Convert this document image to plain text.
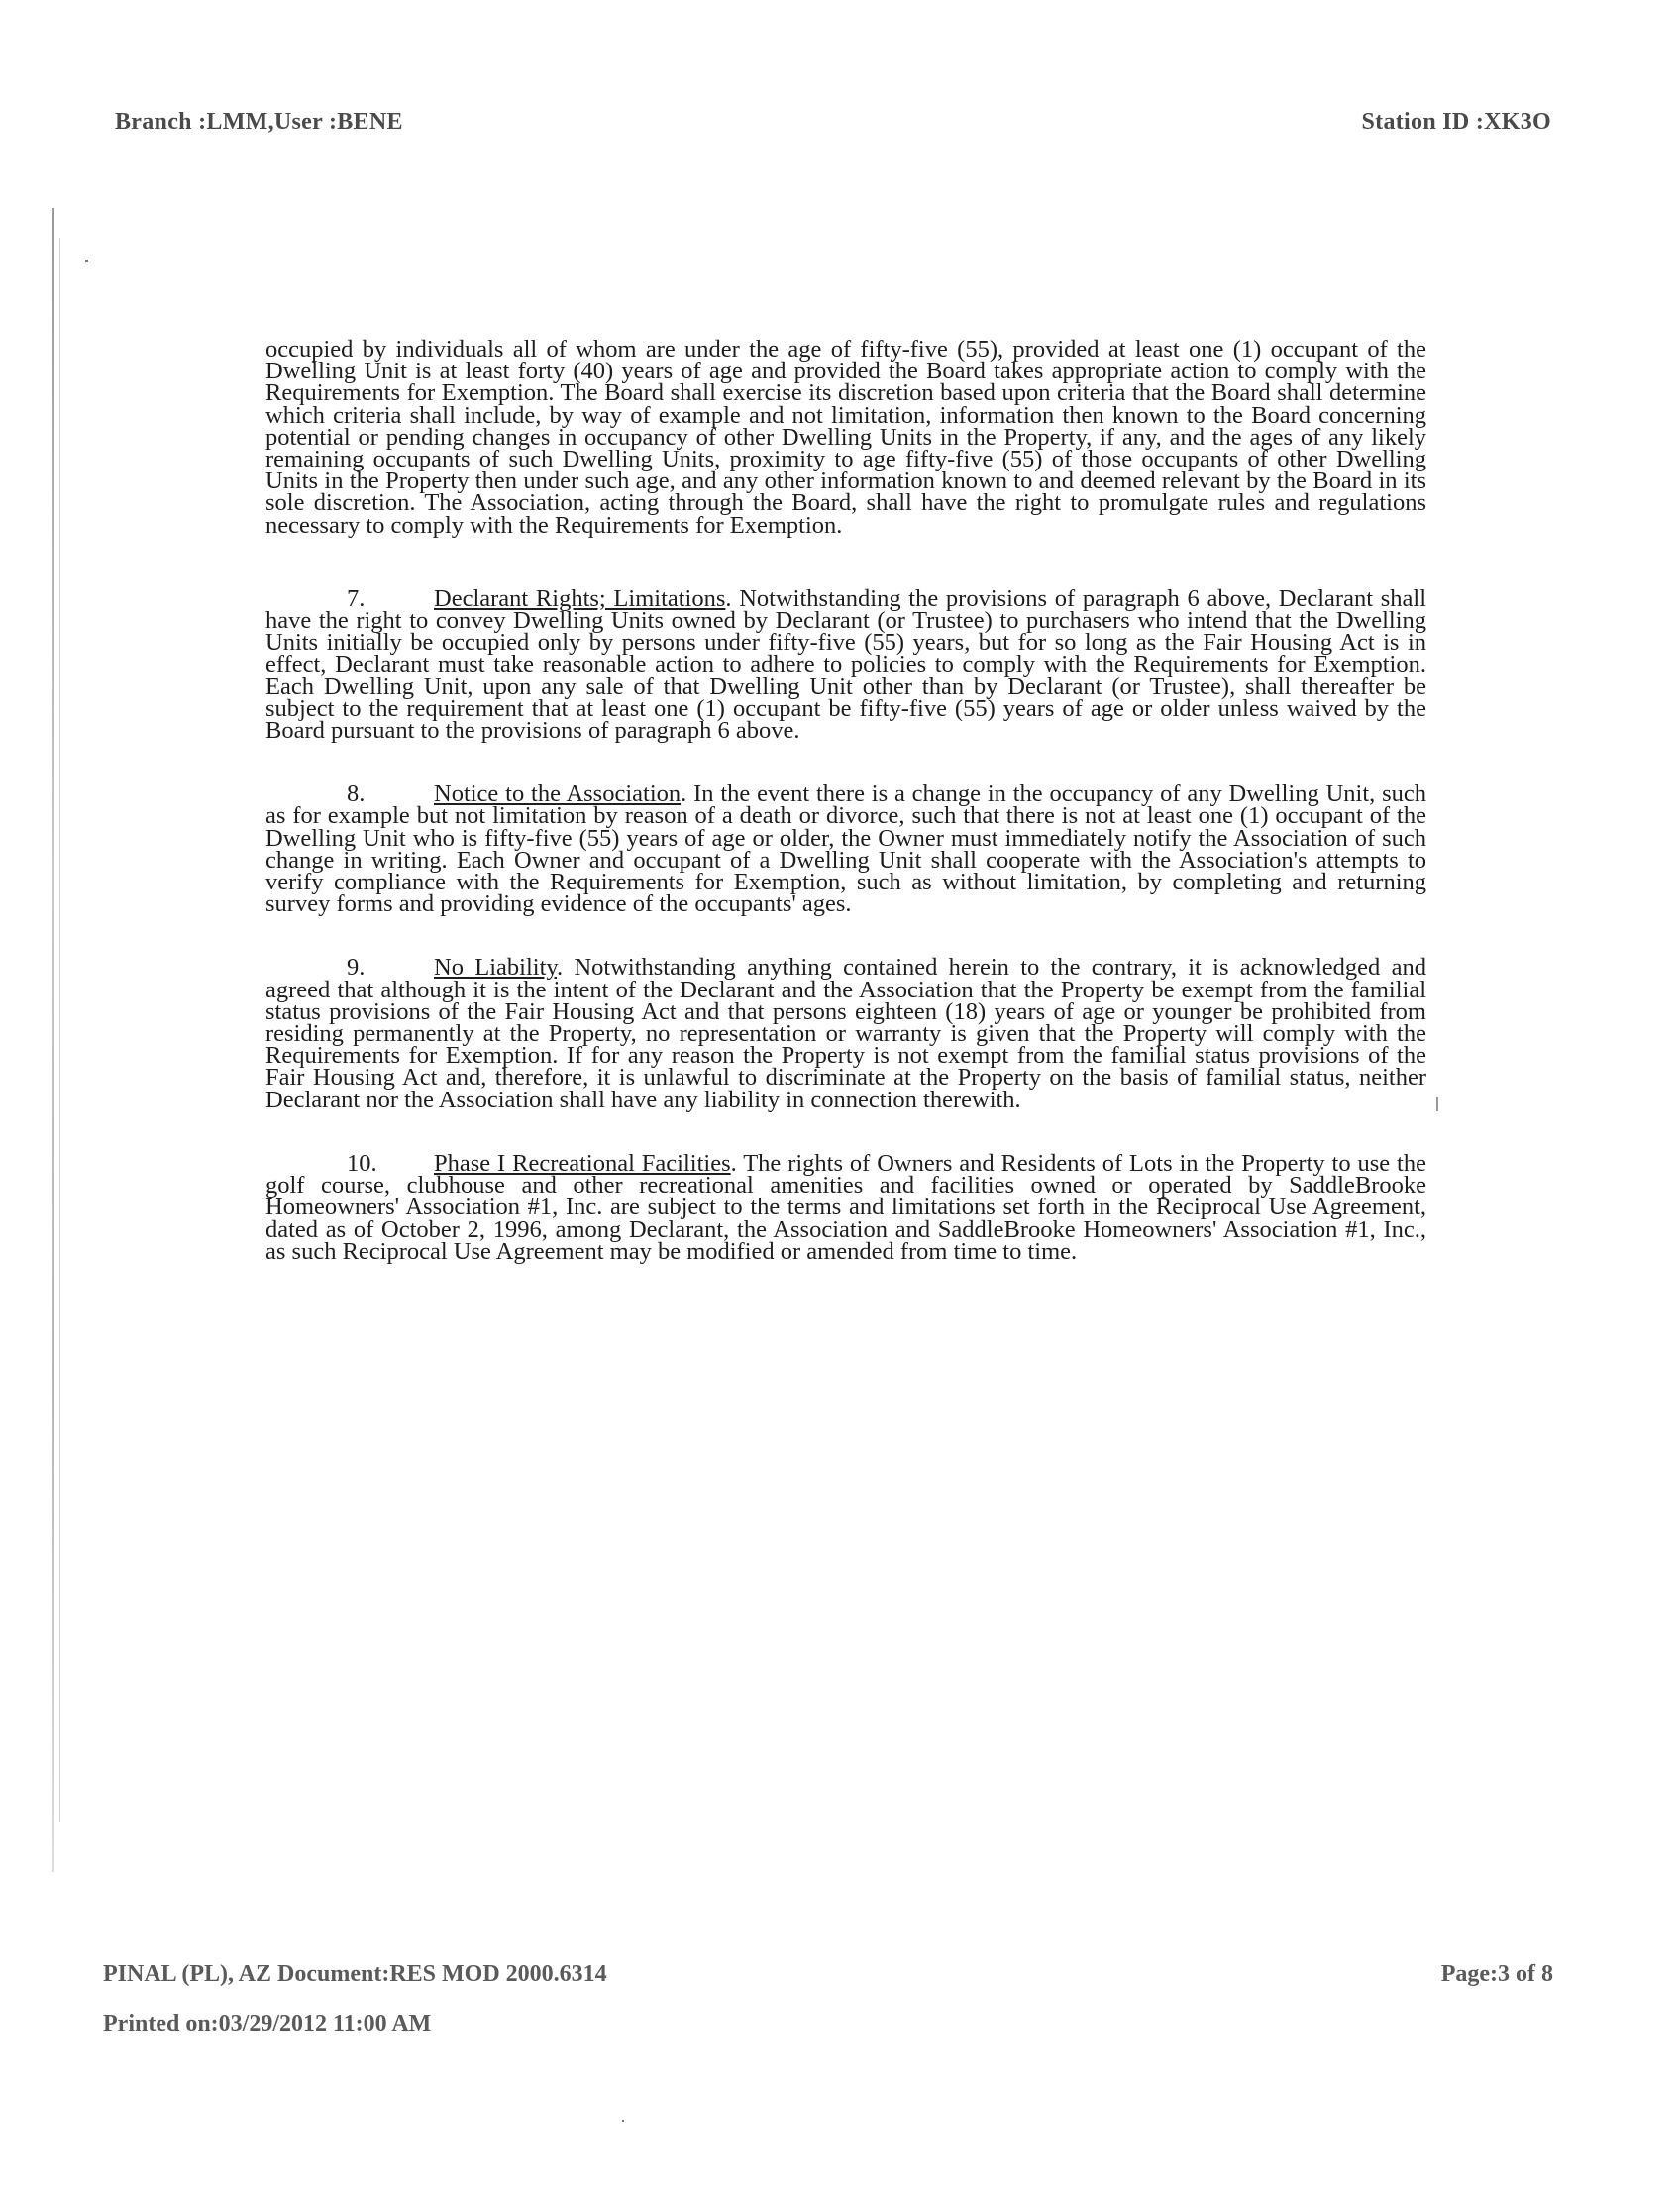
Branch :LMM,User :BENE	Station ID :XK3O

occupied by individuals all of whom are under the age of fifty-five (55), provided at least one (1) occupant of the Dwelling Unit is at least forty (40) years of age and provided the Board takes appropriate action to comply with the Requirements for Exemption. The Board shall exercise its discretion based upon criteria that the Board shall determine which criteria shall include, by way of example and not limitation, information then known to the Board concerning potential or pending changes in occupancy of other Dwelling Units in the Property, if any, and the ages of any likely remaining occupants of such Dwelling Units, proximity to age fifty-five (55) of those occupants of other Dwelling Units in the Property then under such age, and any other information known to and deemed relevant by the Board in its sole discretion. The Association, acting through the Board, shall have the right to promulgate rules and regulations necessary to comply with the Requirements for Exemption.

7.	Declarant Rights; Limitations. Notwithstanding the provisions of paragraph 6 above, Declarant shall have the right to convey Dwelling Units owned by Declarant (or Trustee) to purchasers who intend that the Dwelling Units initially be occupied only by persons under fifty-five (55) years, but for so long as the Fair Housing Act is in effect, Declarant must take reasonable action to adhere to policies to comply with the Requirements for Exemption. Each Dwelling Unit, upon any sale of that Dwelling Unit other than by Declarant (or Trustee), shall thereafter be subject to the requirement that at least one (1) occupant be fifty-five (55) years of age or older unless waived by the Board pursuant to the provisions of paragraph 6 above.

8.	Notice to the Association. In the event there is a change in the occupancy of any Dwelling Unit, such as for example but not limitation by reason of a death or divorce, such that there is not at least one (1) occupant of the Dwelling Unit who is fifty-five (55) years of age or older, the Owner must immediately notify the Association of such change in writing. Each Owner and occupant of a Dwelling Unit shall cooperate with the Association's attempts to verify compliance with the Requirements for Exemption, such as without limitation, by completing and returning survey forms and providing evidence of the occupants' ages.

9.	No Liability. Notwithstanding anything contained herein to the contrary, it is acknowledged and agreed that although it is the intent of the Declarant and the Association that the Property be exempt from the familial status provisions of the Fair Housing Act and that persons eighteen (18) years of age or younger be prohibited from residing permanently at the Property, no representation or warranty is given that the Property will comply with the Requirements for Exemption. If for any reason the Property is not exempt from the familial status provisions of the Fair Housing Act and, therefore, it is unlawful to discriminate at the Property on the basis of familial status, neither Declarant nor the Association shall have any liability in connection therewith.

10. Phase I Recreational Facilities. The rights of Owners and Residents of Lots in the Property to use the golf course, clubhouse and other recreational amenities and facilities owned or operated by SaddleBrooke Homeowners' Association #1, Inc. are subject to the terms and limitations set forth in the Reciprocal Use Agreement, dated as of October 2, 1996, among Declarant, the Association and SaddleBrooke Homeowners' Association #1, Inc., as such Reciprocal Use Agreement may be modified or amended from time to time.

PINAL (PL), AZ Document:RES MOD 2000.6314	Page:3 of 8
Printed on:03/29/2012 11:00 AM
